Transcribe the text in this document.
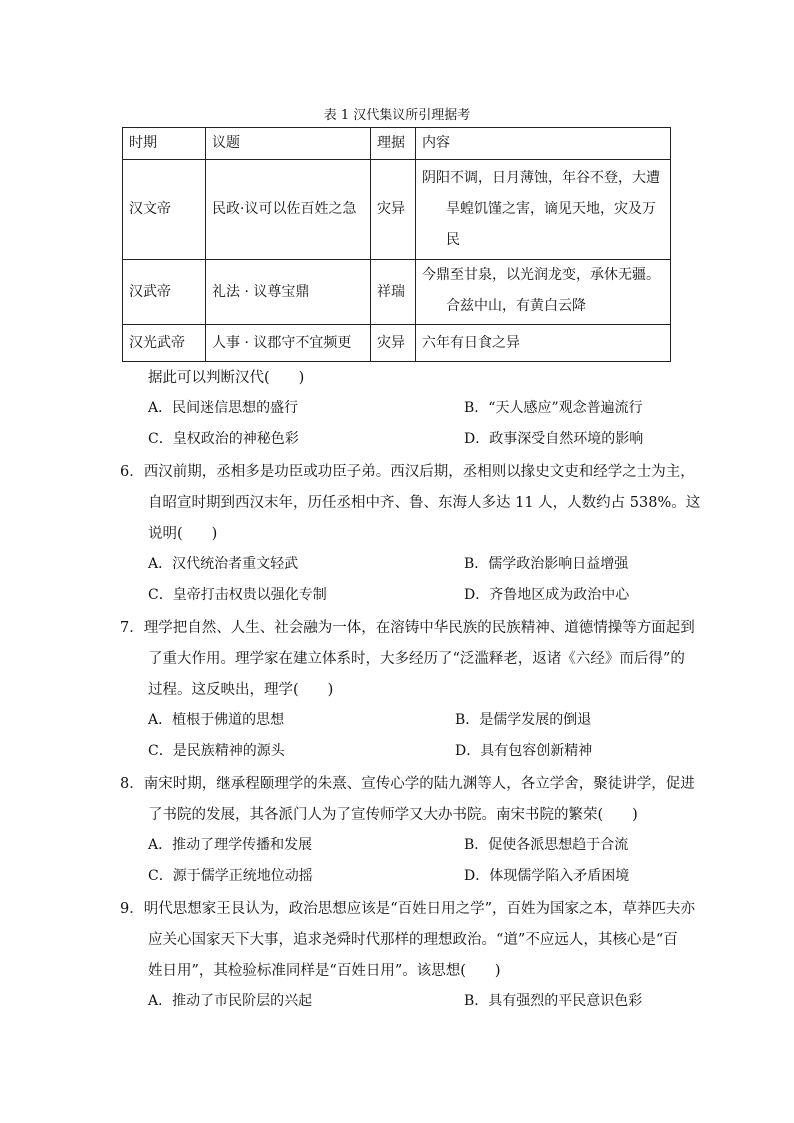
表 1 汉代集议所引理据考
时期	议题	理据	内容
汉文帝	民政·议可以佐百姓之急	灾异	阴阳不调，日月薄蚀，年谷不登，大遭
旱蝗饥馑之害，谪见天地，灾及万
民

汉武帝	礼法 · 议尊宝鼎	祥瑞	今鼎至甘泉，以光润龙变，承休无疆。
合兹中山，有黄白云降

汉光武帝	人事 · 议郡守不宜频更	灾异	六年有日食之异
据此可以判断汉代(　　)
A．民间迷信思想的盛行	B．“天人感应”观念普遍流行
C．皇权政治的神秘色彩	D．政事深受自然环境的影响
6．西汉前期，丞相多是功臣或功臣子弟。西汉后期，丞相则以掾史文吏和经学之士为主，
自昭宣时期到西汉末年，历任丞相中齐、鲁、东海人多达 11 人，人数约占 538%。这
说明(　　)
A．汉代统治者重文轻武	B．儒学政治影响日益增强
C．皇帝打击权贵以强化专制	D．齐鲁地区成为政治中心
7．理学把自然、人生、社会融为一体，在溶铸中华民族的民族精神、道德情操等方面起到
了重大作用。理学家在建立体系时，大多经历了“泛滥释老，返诸《六经》而后得”的
过程。这反映出，理学(　　)
A．植根于佛道的思想	B．是儒学发展的倒退
C．是民族精神的源头	D．具有包容创新精神
8．南宋时期，继承程颐理学的朱熹、宣传心学的陆九渊等人，各立学舍，聚徒讲学，促进
了书院的发展，其各派门人为了宣传师学又大办书院。南宋书院的繁荣(　　)
A．推动了理学传播和发展	B．促使各派思想趋于合流
C．源于儒学正统地位动摇	D．体现儒学陷入矛盾困境
9．明代思想家王艮认为，政治思想应该是“百姓日用之学”，百姓为国家之本，草莽匹夫亦
应关心国家天下大事，追求尧舜时代那样的理想政治。“道”不应远人，其核心是“百
姓日用”，其检验标准同样是“百姓日用”。该思想(　　)
A．推动了市民阶层的兴起	B．具有强烈的平民意识色彩
